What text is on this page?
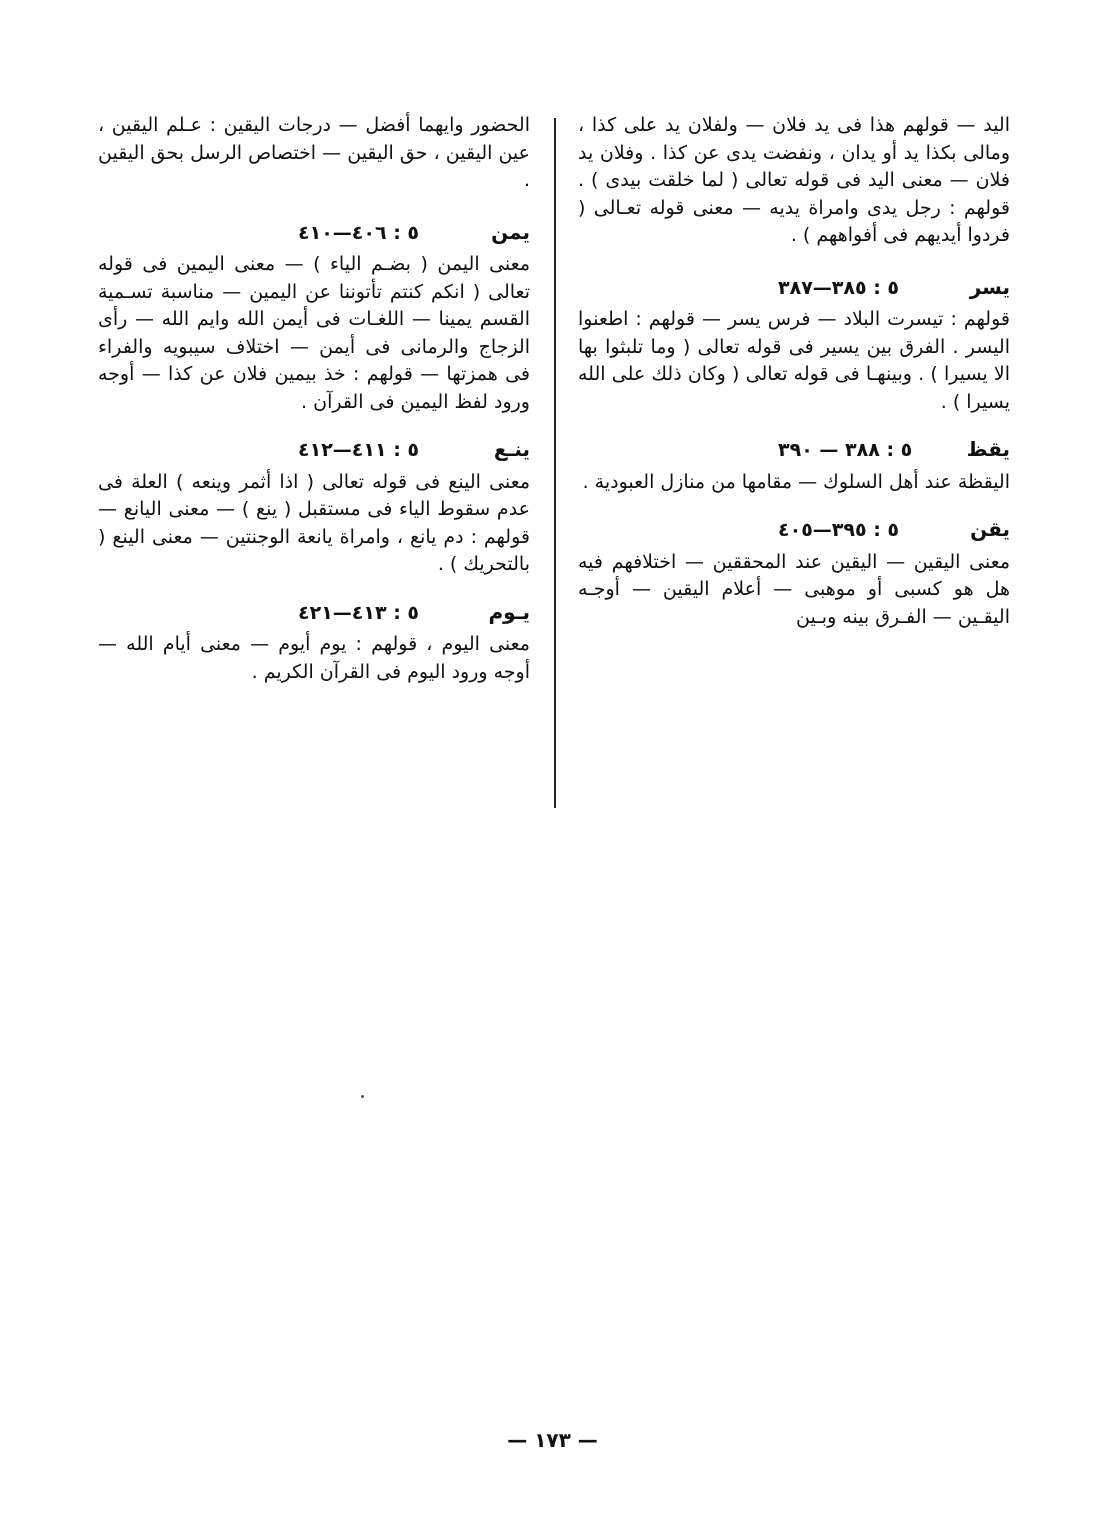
اليد — قولهم هذا فى يد فلان — ولفلان يد على كذا ، ومالى بكذا يد أو يدان ، ونفضت يدى عن كذا . وفلان يد فلان — معنى اليد فى قوله تعالى ( لما خلقت بيدى ) . قولهم : رجل يدى وامراة يديه — معنى قوله تعـالى ( فردوا أيديهم فى أفواههم ) .
يسر
٥ : ٣٨٥—٣٨٧
قولهم : تيسرت البلاد — فرس يسر — قولهم : اطعنوا اليسر . الفرق بين يسير فى قوله تعالى ( وما تلبثوا بها الا يسيرا ) . وبينهـا فى قوله تعالى ( وكان ذلك على الله يسيرا ) .
يقظ
٥ : ٣٨٨ — ٣٩٠
اليقظة عند أهل السلوك — مقامها من منازل العبودية .
يقن
٥ : ٣٩٥—٤٠٥
معنى اليقين — اليقين عند المحققين — اختلافهم فيه هل هو كسبى أو موهبى — أعلام اليقين — أوجـه اليقـين — الفـرق بينه وبـين
الحضور وايهما أفضل — درجات اليقين : عـلم اليقين ، عين اليقين ، حق اليقين — اختصاص الرسل بحق اليقين .
يمن
٥ : ٤٠٦—٤١٠
معنى اليمن ( بضـم الياء ) — معنى اليمين فى قوله تعالى ( انكم كنتم تأتوننا عن اليمين — مناسبة تسـمية القسم يمينا — اللغـات فى أيمن الله وايم الله — رأى الزجاج والرمانى فى أيمن — اختلاف سيبويه والفراء فى همزتها — قولهم : خذ بيمين فلان عن كذا — أوجه ورود لفظ اليمين فى القرآن .
ينـع
٥ : ٤١١—٤١٢
معنى الينع فى قوله تعالى ( اذا أثمر وينعه ) العلة فى عدم سقوط الياء فى مستقبل ( ينع ) — معنى اليانع — قولهم : دم يانع ، وامراة يانعة الوجنتين — معنى الينع ( بالتحريك ) .
يـوم
٥ : ٤١٣—٤٢١
معنى اليوم ، قولهم : يوم أيوم — معنى أيام الله — أوجه ورود اليوم فى القرآن الكريم .
— ١٧٣ —
